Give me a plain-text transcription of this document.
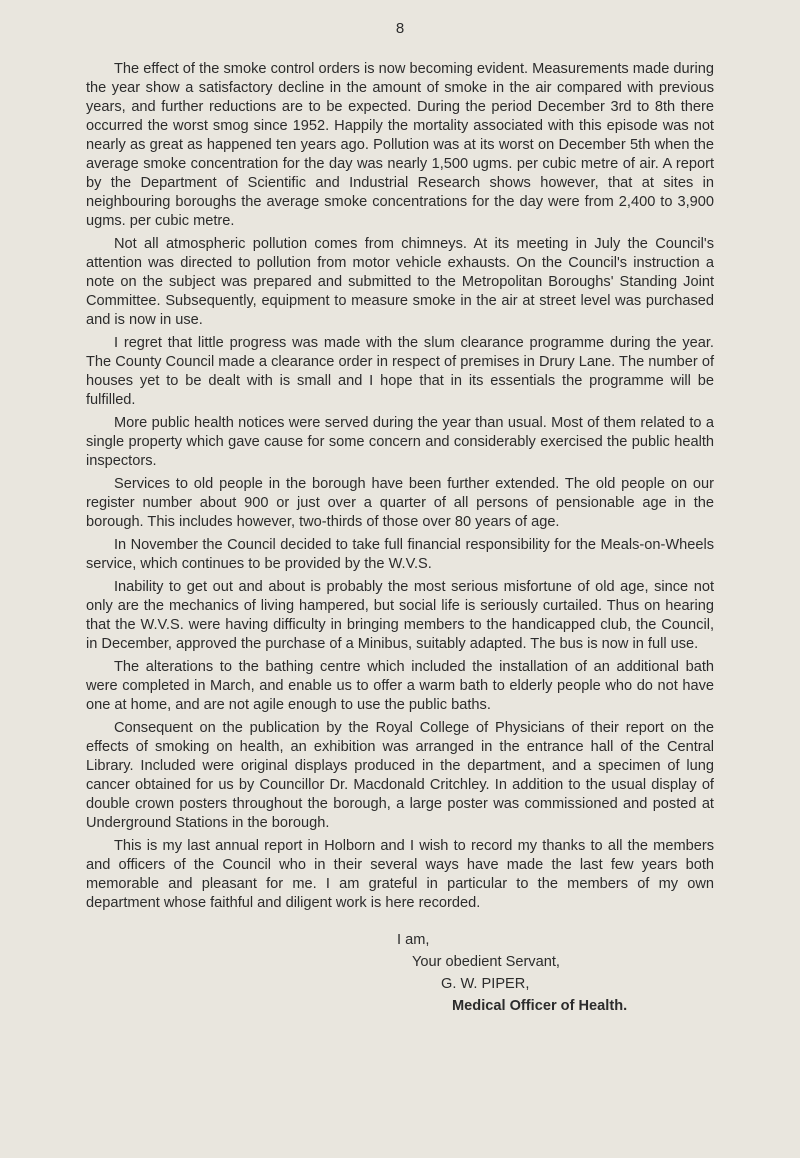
8

The effect of the smoke control orders is now becoming evident. Measurements made during the year show a satisfactory decline in the amount of smoke in the air compared with previous years, and further reductions are to be expected. During the period December 3rd to 8th there occurred the worst smog since 1952. Happily the mortality associated with this episode was not nearly as great as happened ten years ago. Pollution was at its worst on December 5th when the average smoke concentration for the day was nearly 1,500 ugms. per cubic metre of air. A report by the Department of Scientific and Industrial Research shows however, that at sites in neighbouring boroughs the average smoke concentrations for the day were from 2,400 to 3,900 ugms. per cubic metre.

Not all atmospheric pollution comes from chimneys. At its meeting in July the Council's attention was directed to pollution from motor vehicle exhausts. On the Council's instruction a note on the subject was prepared and submitted to the Metropolitan Boroughs' Standing Joint Committee. Subsequently, equipment to measure smoke in the air at street level was purchased and is now in use.

I regret that little progress was made with the slum clearance programme during the year. The County Council made a clearance order in respect of premises in Drury Lane. The number of houses yet to be dealt with is small and I hope that in its essentials the programme will be fulfilled.

More public health notices were served during the year than usual. Most of them related to a single property which gave cause for some concern and considerably exercised the public health inspectors.

Services to old people in the borough have been further extended. The old people on our register number about 900 or just over a quarter of all persons of pensionable age in the borough. This includes however, two-thirds of those over 80 years of age.

In November the Council decided to take full financial responsibility for the Meals-on-Wheels service, which continues to be provided by the W.V.S.

Inability to get out and about is probably the most serious misfortune of old age, since not only are the mechanics of living hampered, but social life is seriously curtailed. Thus on hearing that the W.V.S. were having difficulty in bringing members to the handicapped club, the Council, in December, approved the purchase of a Minibus, suitably adapted. The bus is now in full use.

The alterations to the bathing centre which included the installation of an additional bath were completed in March, and enable us to offer a warm bath to elderly people who do not have one at home, and are not agile enough to use the public baths.

Consequent on the publication by the Royal College of Physicians of their report on the effects of smoking on health, an exhibition was arranged in the entrance hall of the Central Library. Included were original displays produced in the department, and a specimen of lung cancer obtained for us by Councillor Dr. Macdonald Critchley. In addition to the usual display of double crown posters throughout the borough, a large poster was commissioned and posted at Underground Stations in the borough.

This is my last annual report in Holborn and I wish to record my thanks to all the members and officers of the Council who in their several ways have made the last few years both memorable and pleasant for me. I am grateful in particular to the members of my own department whose faithful and diligent work is here recorded.

I am,
Your obedient Servant,
G. W. PIPER,
Medical Officer of Health.
